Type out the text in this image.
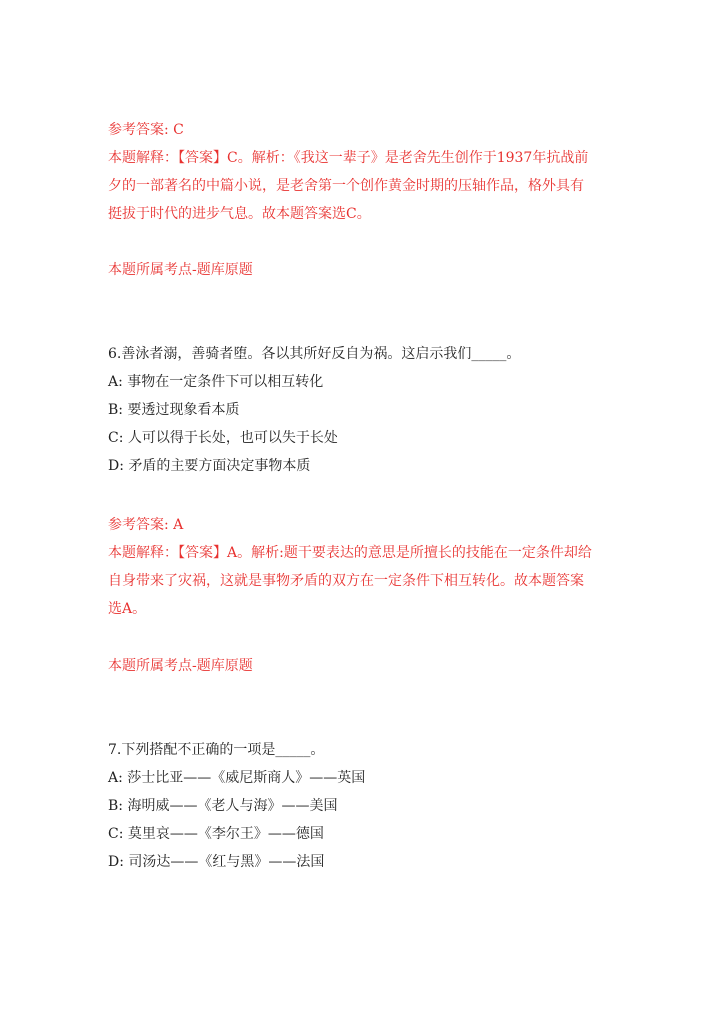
参考答案: C
本题解释：【答案】C。解析：《我这一辈子》是老舍先生创作于1937年抗战前
夕的一部著名的中篇小说，是老舍第一个创作黄金时期的压轴作品，格外具有
挺拔于时代的进步气息。故本题答案选C。
本题所属考点-题库原题
6.善泳者溺，善骑者堕。各以其所好反自为祸。这启示我们_____。
A: 事物在一定条件下可以相互转化
B: 要透过现象看本质
C: 人可以得于长处，也可以失于长处
D: 矛盾的主要方面决定事物本质
参考答案: A
本题解释：【答案】A。解析:题干要表达的意思是所擅长的技能在一定条件却给
自身带来了灾祸，这就是事物矛盾的双方在一定条件下相互转化。故本题答案
选A。
本题所属考点-题库原题
7.下列搭配不正确的一项是_____。
A: 莎士比亚——《威尼斯商人》——英国
B: 海明威——《老人与海》——美国
C: 莫里哀——《李尔王》——德国
D: 司汤达——《红与黑》——法国
